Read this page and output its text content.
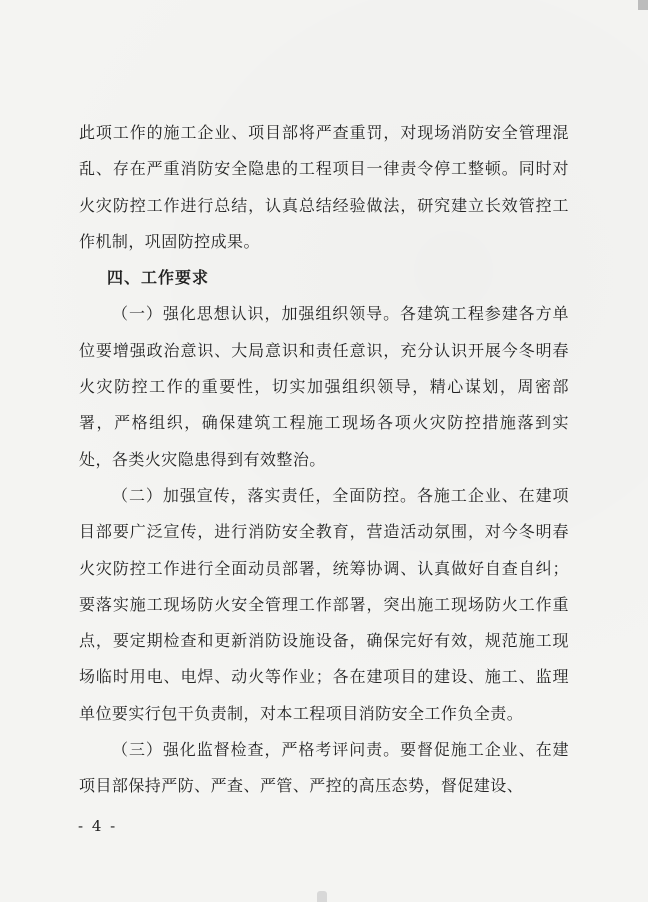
此项工作的施工企业、项目部将严查重罚，对现场消防安全管理混乱、存在严重消防安全隐患的工程项目一律责令停工整顿。同时对火灾防控工作进行总结，认真总结经验做法，研究建立长效管控工作机制，巩固防控成果。

四、工作要求

（一）强化思想认识，加强组织领导。各建筑工程参建各方单位要增强政治意识、大局意识和责任意识，充分认识开展今冬明春火灾防控工作的重要性，切实加强组织领导，精心谋划，周密部署，严格组织，确保建筑工程施工现场各项火灾防控措施落到实处，各类火灾隐患得到有效整治。

（二）加强宣传，落实责任，全面防控。各施工企业、在建项目部要广泛宣传，进行消防安全教育，营造活动氛围，对今冬明春火灾防控工作进行全面动员部署，统筹协调、认真做好自查自纠；要落实施工现场防火安全管理工作部署，突出施工现场防火工作重点，要定期检查和更新消防设施设备，确保完好有效，规范施工现场临时用电、电焊、动火等作业；各在建项目的建设、施工、监理单位要实行包干负责制，对本工程项目消防安全工作负全责。

（三）强化监督检查，严格考评问责。要督促施工企业、在建项目部保持严防、严查、严管、严控的高压态势，督促建设、

- 4 -
